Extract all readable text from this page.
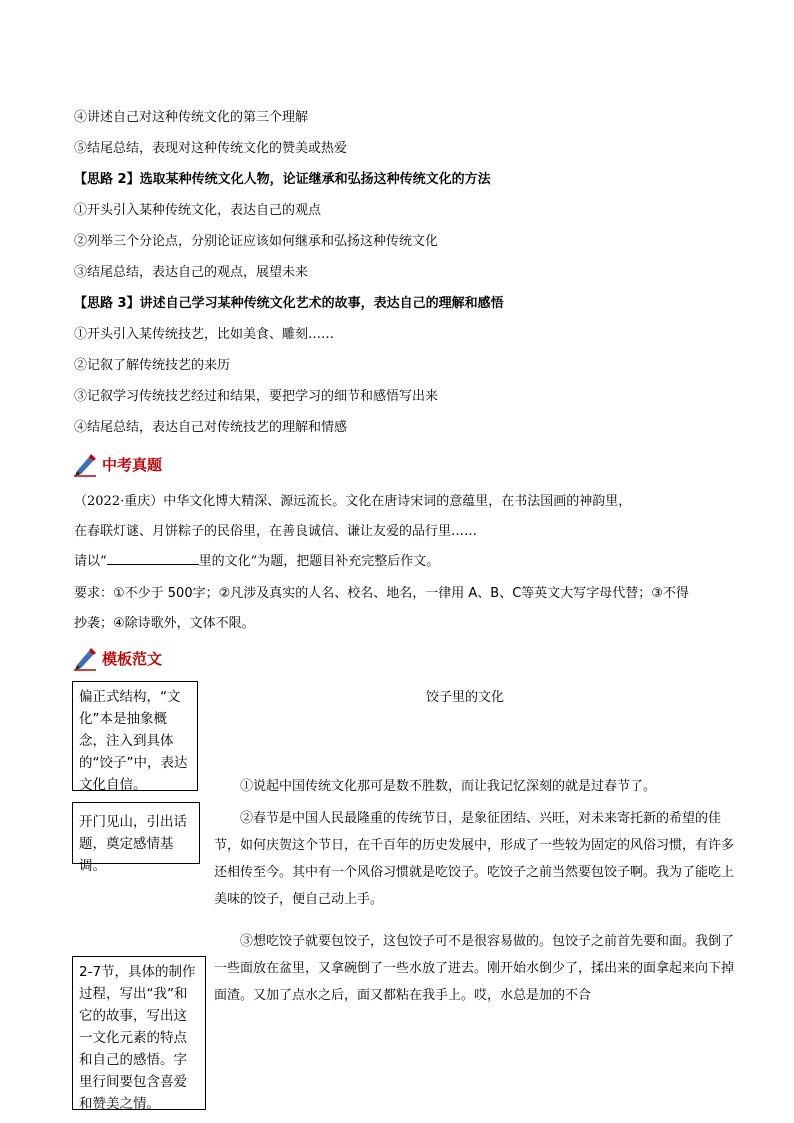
④讲述自己对这种传统文化的第三个理解
⑤结尾总结，表现对这种传统文化的赞美或热爱
【思路 2】选取某种传统文化人物，论证继承和弘扬这种传统文化的方法
①开头引入某种传统文化，表达自己的观点
②列举三个分论点，分别论证应该如何继承和弘扬这种传统文化
③结尾总结，表达自己的观点，展望未来
【思路 3】讲述自己学习某种传统文化艺术的故事，表达自己的理解和感悟
①开头引入某传统技艺，比如美食、雕刻……
②记叙了解传统技艺的来历
③记叙学习传统技艺经过和结果，要把学习的细节和感悟写出来
④结尾总结，表达自己对传统技艺的理解和情感
中考真题
（2022·重庆）中华文化博大精深、源远流长。文化在唐诗宋词的意蕴里，在书法国画的神韵里，
在春联灯谜、月饼粽子的民俗里，在善良诚信、谦让友爱的品行里……
请以“	里的文化”为题，把题目补充完整后作文。
要求：①不少于 500字；②凡涉及真实的人名、校名、地名，一律用 A、B、C等英文大写字母代替；③不得
抄袭；④除诗歌外，文体不限。
模板范文
偏正式结构，“文化”本是抽象概念，注入到具体的“饺子”中，表达文化自信。
开门见山，引出话题，奠定感情基调。
2-7节，具体的制作过程，写出“我”和它的故事，写出这一文化元素的特点和自己的感悟。字里行间要包含喜爱和赞美之情。
饺子里的文化
①说起中国传统文化那可是数不胜数，而让我记忆深刻的就是过春节了。
②春节是中国人民最隆重的传统节日，是象征团结、兴旺，对未来寄托新的希望的佳节，如何庆贺这个节日，在千百年的历史发展中，形成了一些较为固定的风俗习惯，有许多还相传至今。其中有一个风俗习惯就是吃饺子。吃饺子之前当然要包饺子啊。我为了能吃上美味的饺子，便自己动上手。
③想吃饺子就要包饺子，这包饺子可不是很容易做的。包饺子之前首先要和面。我倒了一些面放在盆里，又拿碗倒了一些水放了进去。刚开始水倒少了，揉出来的面拿起来向下掉面渣。又加了点水之后，面又都粘在我手上。哎，水总是加的不合
